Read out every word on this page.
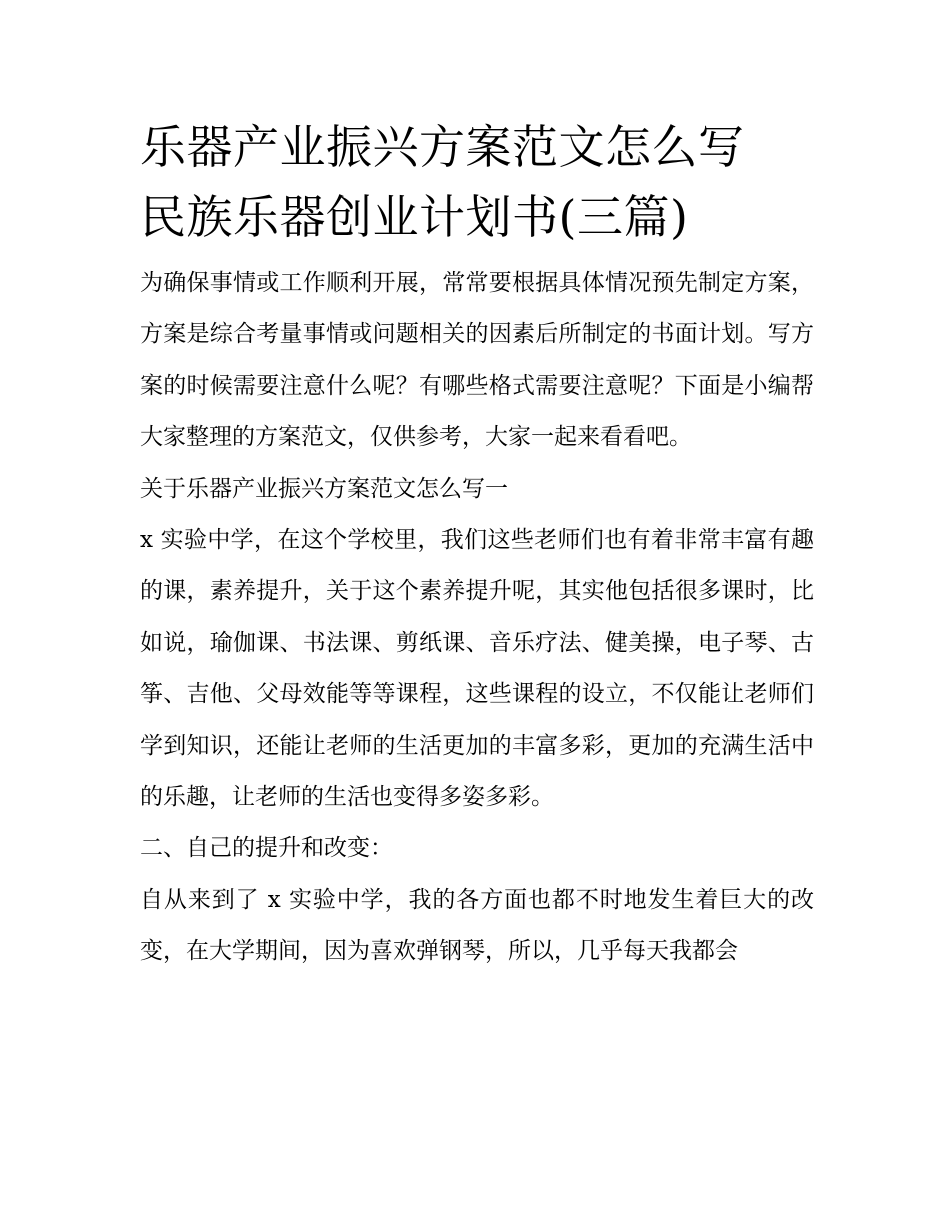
乐器产业振兴方案范文怎么写
民族乐器创业计划书(三篇)
为确保事情或工作顺利开展，常常要根据具体情况预先制定方案，方案是综合考量事情或问题相关的因素后所制定的书面计划。写方案的时候需要注意什么呢？有哪些格式需要注意呢？下面是小编帮大家整理的方案范文，仅供参考，大家一起来看看吧。
关于乐器产业振兴方案范文怎么写一
x 实验中学，在这个学校里，我们这些老师们也有着非常丰富有趣的课，素养提升，关于这个素养提升呢，其实他包括很多课时，比如说，瑜伽课、书法课、剪纸课、音乐疗法、健美操，电子琴、古筝、吉他、父母效能等等课程，这些课程的设立，不仅能让老师们学到知识，还能让老师的生活更加的丰富多彩，更加的充满生活中的乐趣，让老师的生活也变得多姿多彩。
二、自己的提升和改变：
自从来到了 x 实验中学，我的各方面也都不时地发生着巨大的改变，在大学期间，因为喜欢弹钢琴，所以，几乎每天我都会
